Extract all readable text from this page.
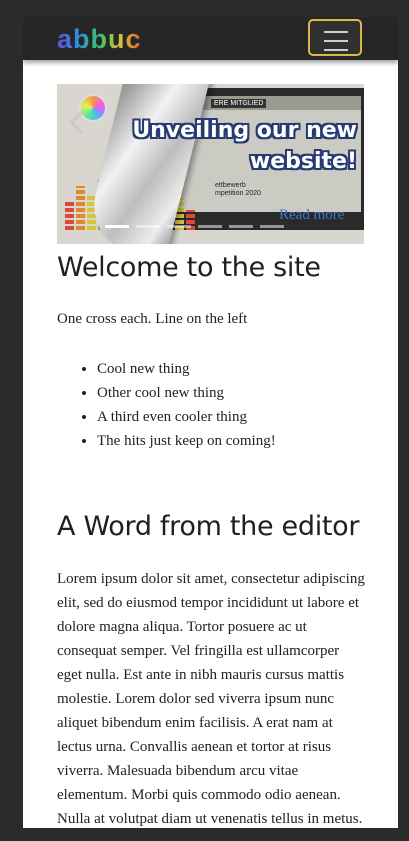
abbuc
ERE MITGLIED
ettbewerb
mpetition 2020
Unveiling our new website!
Read more
Welcome to the site

One cross each. Line on the left

• Cool new thing
• Other cool new thing
• A third even cooler thing
• The hits just keep on coming!
A Word from the editor

Lorem ipsum dolor sit amet, consectetur adipiscing elit, sed do eiusmod tempor incididunt ut labore et dolore magna aliqua. Tortor posuere ac ut consequat semper. Vel fringilla est ullamcorper eget nulla. Est ante in nibh mauris cursus mattis molestie. Lorem dolor sed viverra ipsum nunc aliquet bibendum enim facilisis. A erat nam at lectus urna. Convallis aenean et tortor at risus viverra. Malesuada bibendum arcu vitae elementum. Morbi quis commodo odio aenean. Nulla at volutpat diam ut venenatis tellus in metus.
